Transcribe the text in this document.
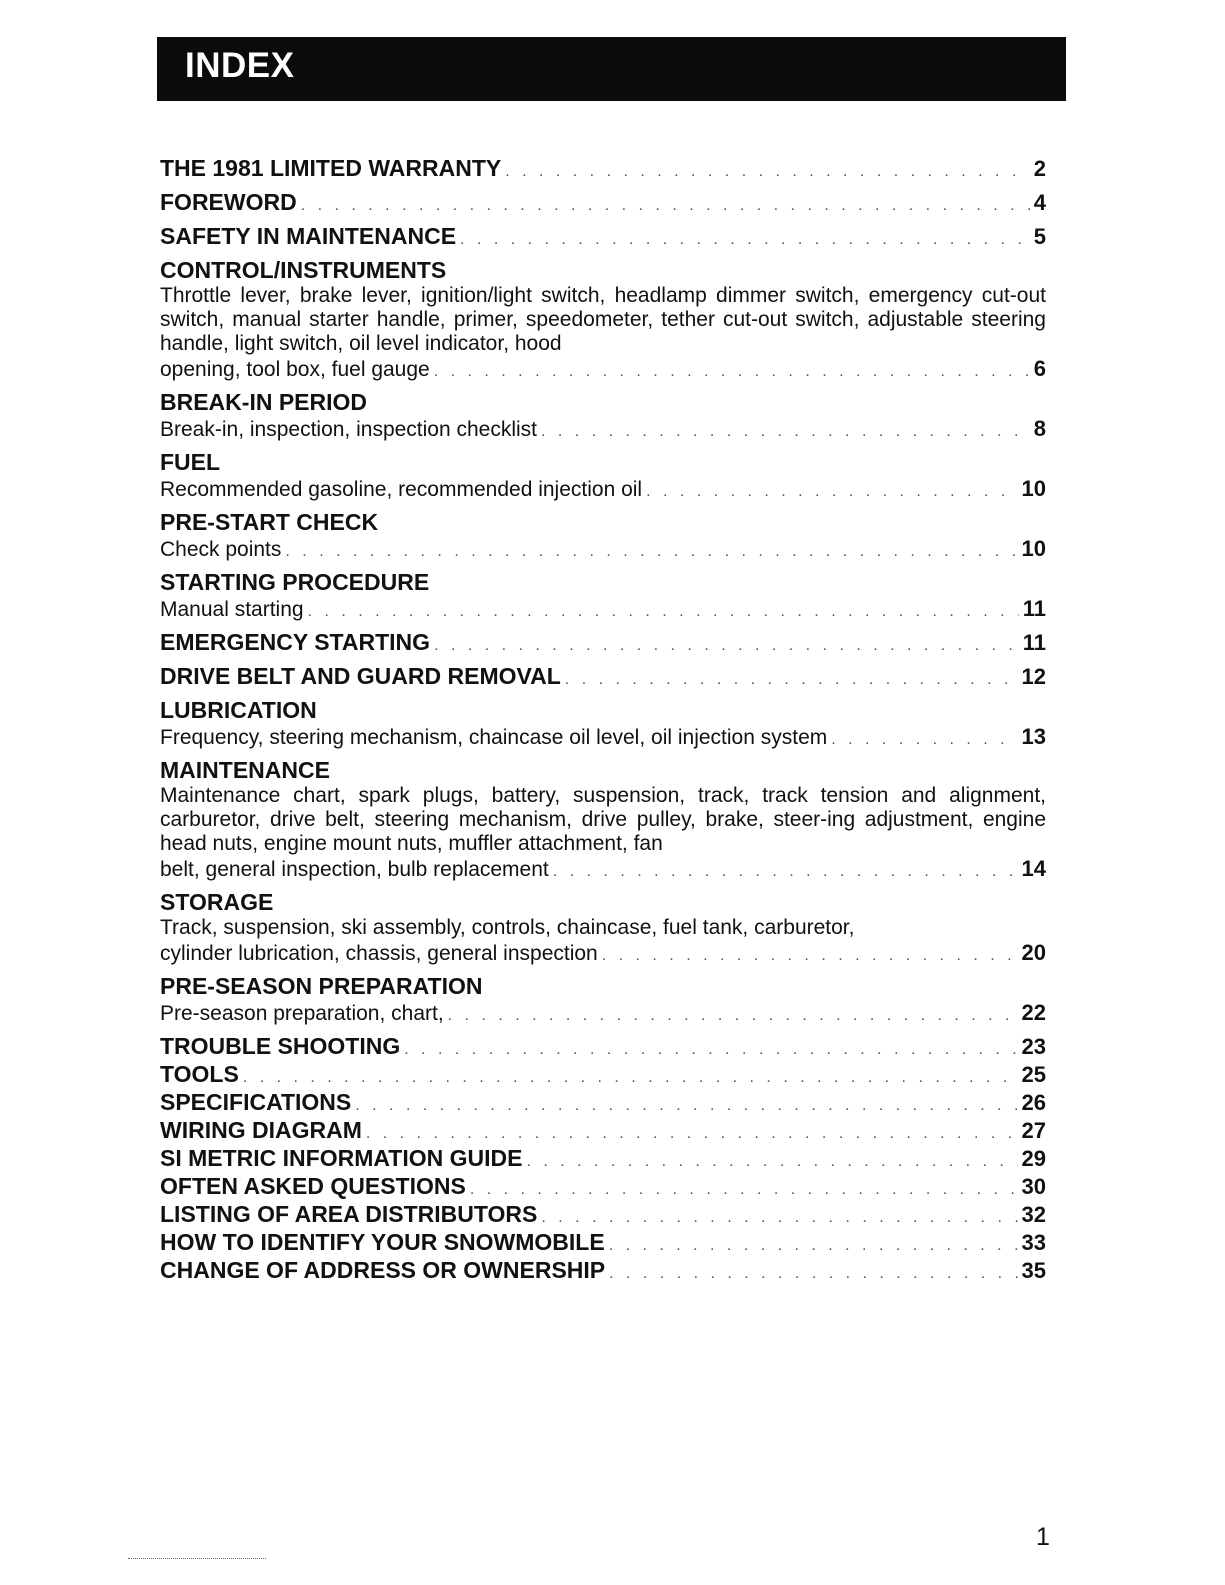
INDEX
THE 1981 LIMITED WARRANTY . . .	2
FOREWORD . . .	4
SAFETY IN MAINTENANCE . . .	5
CONTROL/INSTRUMENTS
Throttle lever, brake lever, ignition/light switch, headlamp dimmer switch, emergency cut-out switch, manual starter handle, primer, speedometer, tether cut-out switch, adjustable steering handle, light switch, oil level indicator, hood
opening, tool box, fuel gauge . . .	6
BREAK-IN PERIOD
Break-in, inspection, inspection checklist . . .	8
FUEL
Recommended gasoline, recommended injection oil . . .	10
PRE-START CHECK
Check points . . .	10
STARTING PROCEDURE
Manual starting . . .	11
EMERGENCY STARTING . . .	11
DRIVE BELT AND GUARD REMOVAL . . .	12
LUBRICATION
Frequency, steering mechanism, chaincase oil level, oil injection system . . .	13
MAINTENANCE
Maintenance chart, spark plugs, battery, suspension, track, track tension and alignment, carburetor, drive belt, steering mechanism, drive pulley, brake, steer-ing adjustment, engine head nuts, engine mount nuts, muffler attachment, fan
belt, general inspection, bulb replacement . . .	14
STORAGE
Track, suspension, ski assembly, controls, chaincase, fuel tank, carburetor,
cylinder lubrication, chassis, general inspection . . .	20
PRE-SEASON PREPARATION
Pre-season preparation, chart, . . .	22
TROUBLE SHOOTING . . .	23
TOOLS . . .	25
SPECIFICATIONS . . .	26
WIRING DIAGRAM . . .	27
SI METRIC INFORMATION GUIDE . . .	29
OFTEN ASKED QUESTIONS . . .	30
LISTING OF AREA DISTRIBUTORS . . .	32
HOW TO IDENTIFY YOUR SNOWMOBILE . . .	33
CHANGE OF ADDRESS OR OWNERSHIP . . .	35
1
